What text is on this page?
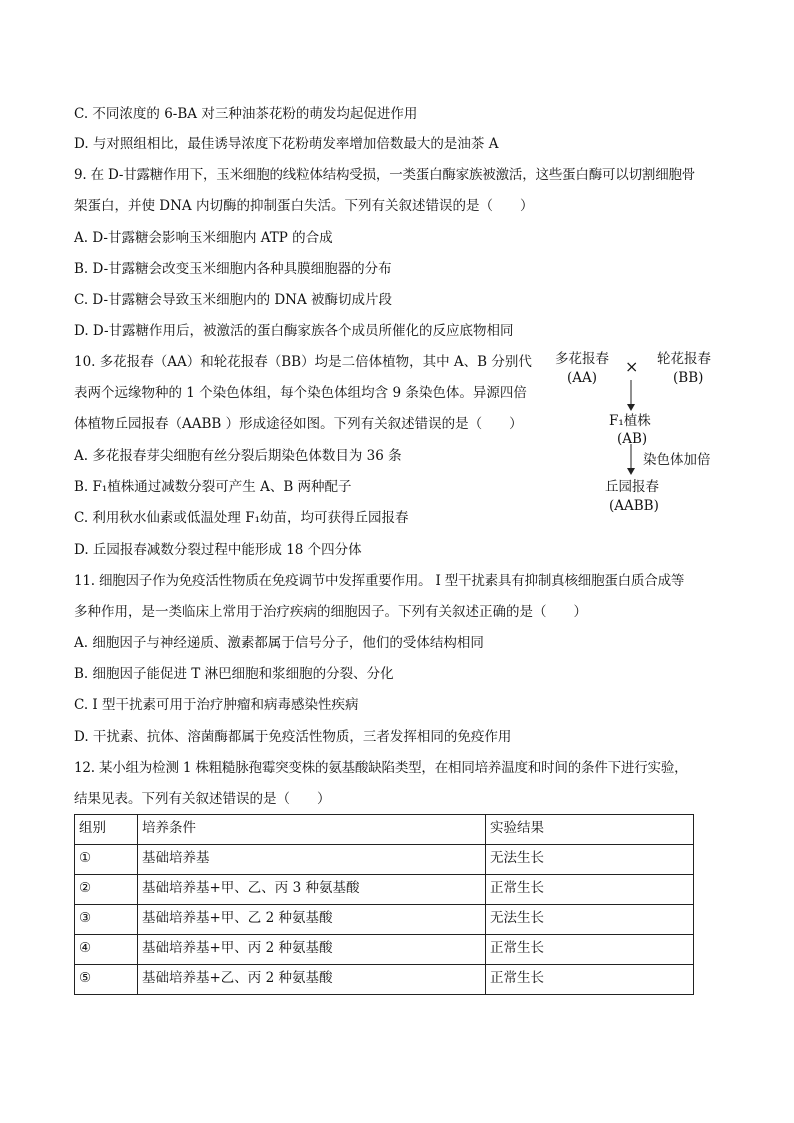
C. 不同浓度的 6-BA 对三种油茶花粉的萌发均起促进作用
D. 与对照组相比，最佳诱导浓度下花粉萌发率增加倍数最大的是油茶 A
9. 在 D-甘露糖作用下，玉米细胞的线粒体结构受损，一类蛋白酶家族被激活，这些蛋白酶可以切割细胞骨
架蛋白，并使 DNA 内切酶的抑制蛋白失活。下列有关叙述错误的是（　　）
A. D-甘露糖会影响玉米细胞内 ATP 的合成
B. D-甘露糖会改变玉米细胞内各种具膜细胞器的分布
C. D-甘露糖会导致玉米细胞内的 DNA 被酶切成片段
D. D-甘露糖作用后，被激活的蛋白酶家族各个成员所催化的反应底物相同
10. 多花报春（AA）和轮花报春（BB）均是二倍体植物，其中 A、B 分别代
表两个远缘物种的 1 个染色体组，每个染色体组均含 9 条染色体。异源四倍
体植物丘园报春（AABB ）形成途径如图。下列有关叙述错误的是（　　）
A. 多花报春芽尖细胞有丝分裂后期染色体数目为 36 条
B. F₁植株通过减数分裂可产生 A、B 两种配子
C. 利用秋水仙素或低温处理 F₁幼苗，均可获得丘园报春
D. 丘园报春减数分裂过程中能形成 18 个四分体
11. 细胞因子作为免疫活性物质在免疫调节中发挥重要作用。 I 型干扰素具有抑制真核细胞蛋白质合成等
多种作用，是一类临床上常用于治疗疾病的细胞因子。下列有关叙述正确的是（　　）
A. 细胞因子与神经递质、激素都属于信号分子，他们的受体结构相同
B. 细胞因子能促进 T 淋巴细胞和浆细胞的分裂、分化
C. I 型干扰素可用于治疗肿瘤和病毒感染性疾病
D. 干扰素、抗体、溶菌酶都属于免疫活性物质，三者发挥相同的免疫作用
12. 某小组为检测 1 株粗糙脉孢霉突变株的氨基酸缺陷类型，在相同培养温度和时间的条件下进行实验，
结果见表。下列有关叙述错误的是（　　）
多花报春
(AA)
× 轮花报春
(BB)
F₁植株
(AB)
染色体加倍
丘园报春
(AABB)
组别	培养条件	实验结果
①	基础培养基	无法生长
②	基础培养基+甲、乙、丙 3 种氨基酸	正常生长
③	基础培养基+甲、乙 2 种氨基酸	无法生长
④	基础培养基+甲、丙 2 种氨基酸	正常生长
⑤	基础培养基+乙、丙 2 种氨基酸	正常生长
